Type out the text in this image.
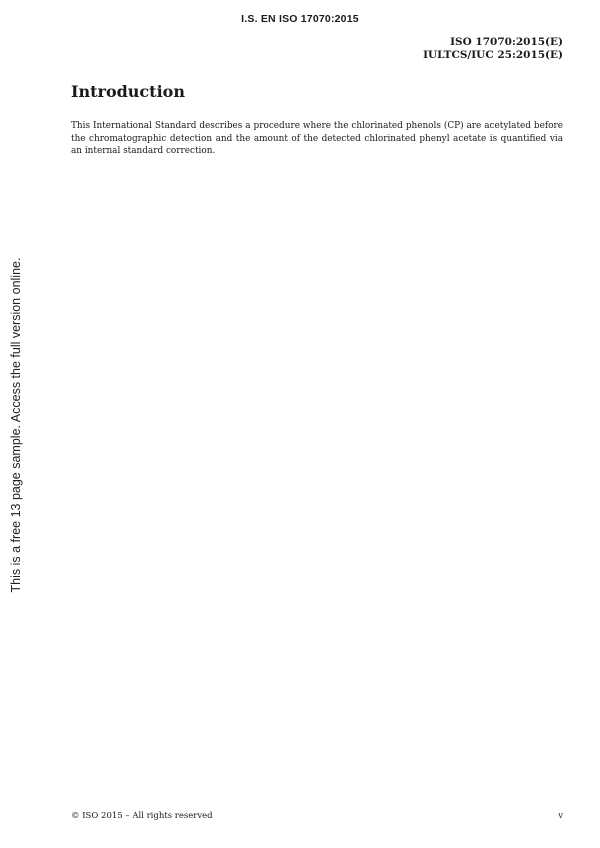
I.S. EN ISO 17070:2015
ISO 17070:2015(E)
IULTCS/IUC 25:2015(E)
This is a free 13 page sample. Access the full version online.
Introduction

This International Standard describes a procedure where the chlorinated phenols (CP) are acetylated before the chromatographic detection and the amount of the detected chlorinated phenyl acetate is quantified via an internal standard correction.

© ISO 2015 – All rights reserved	v
